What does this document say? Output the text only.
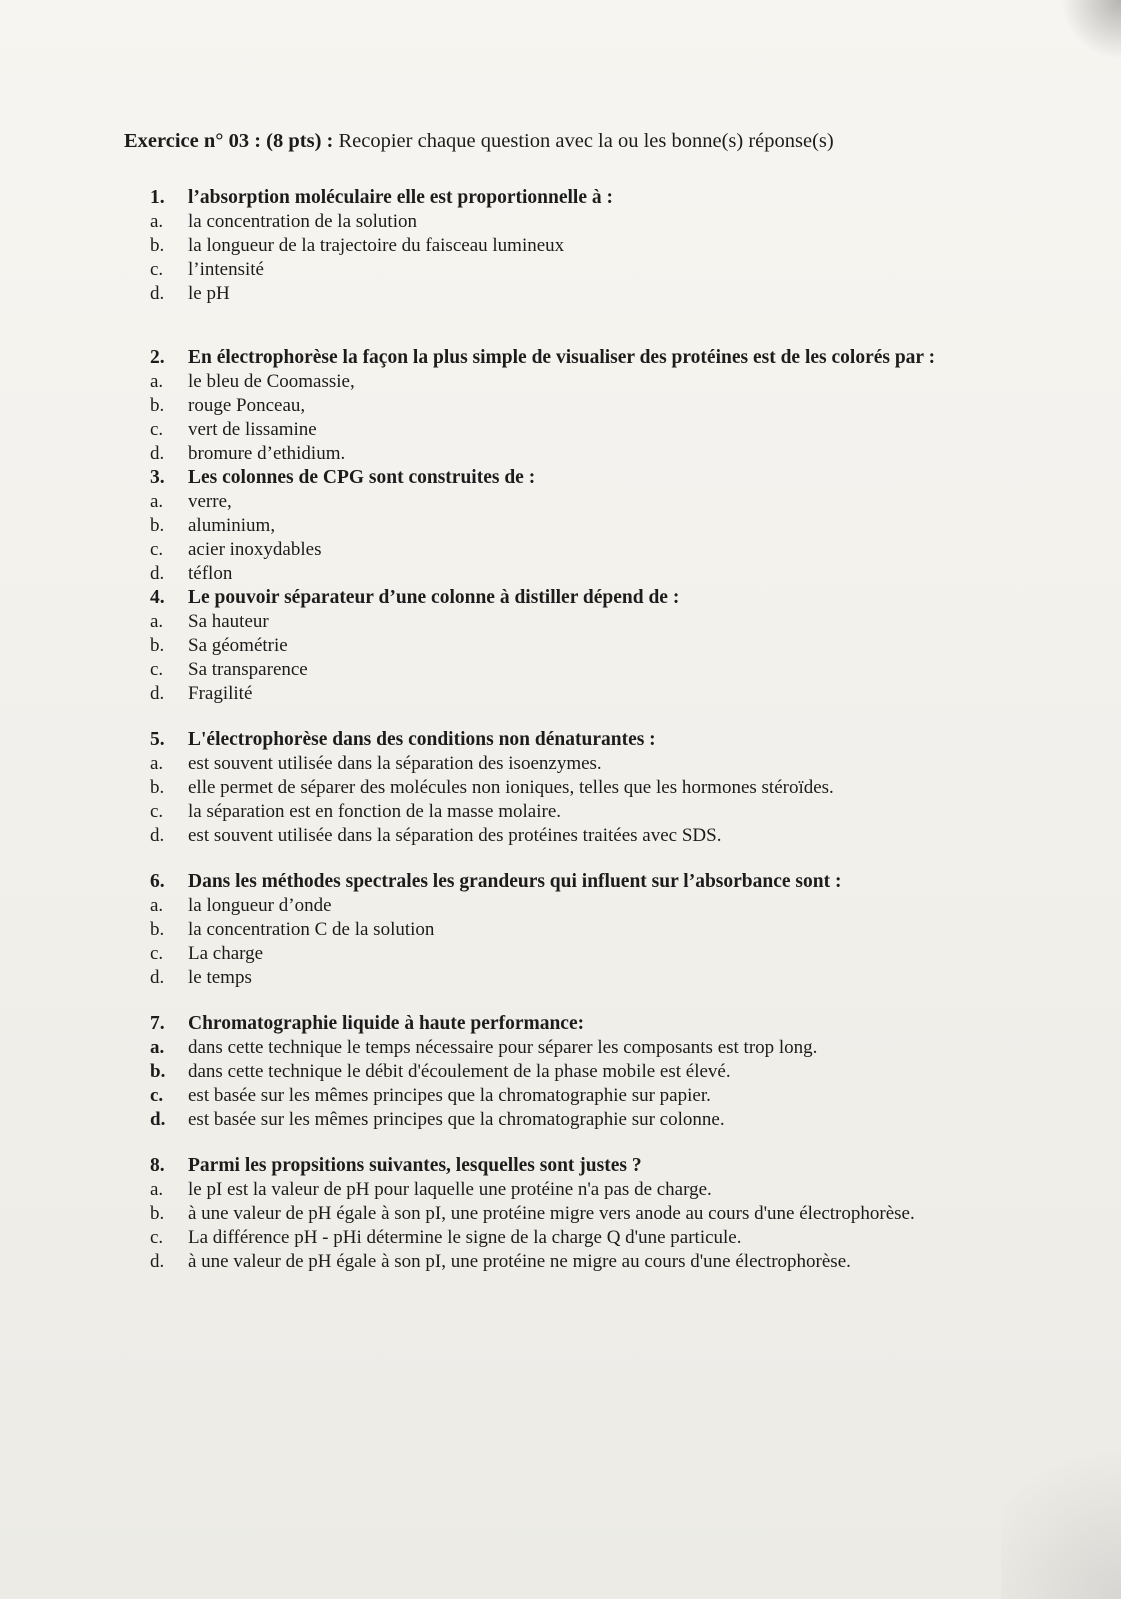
Exercice n° 03 : (8 pts) : Recopier chaque question avec la ou les bonne(s) réponse(s)
1.	l’absorption moléculaire elle est proportionnelle à :
a.	la concentration de la solution
b.	la longueur de la trajectoire du faisceau lumineux
c.	l’intensité
d.	le pH
2.	En électrophorèse la façon la plus simple de visualiser des protéines est de les colorés par :
a.	le bleu de Coomassie,
b.	rouge Ponceau,
c.	vert de lissamine
d.	bromure d’ethidium.
3.	Les colonnes de CPG sont construites de :
a.	verre,
b.	aluminium,
c.	acier inoxydables
d.	téflon
4.	Le pouvoir séparateur d’une colonne à distiller dépend de :
a.	Sa hauteur
b.	Sa géométrie
c.	Sa transparence
d.	Fragilité
5.	L'électrophorèse dans des conditions non dénaturantes :
a.	est souvent utilisée dans la séparation des isoenzymes.
b.	elle permet de séparer des molécules non ioniques, telles que les hormones stéroïdes.
c.	la séparation est en fonction de la masse molaire.
d.	est souvent utilisée dans la séparation des protéines traitées avec SDS.
6.	Dans les méthodes spectrales les grandeurs qui influent sur l’absorbance sont :
a.	la longueur d’onde
b.	la concentration C de la solution
c.	La charge
d.	le temps
7.	Chromatographie liquide à haute performance:
a.	dans cette technique le temps nécessaire pour séparer les composants est trop long.
b.	dans cette technique le débit d'écoulement de la phase mobile est élevé.
c.	est basée sur les mêmes principes que la chromatographie sur papier.
d.	est basée sur les mêmes principes que la chromatographie sur colonne.
8.	Parmi les propsitions suivantes, lesquelles sont justes ?
a.	le pI est la valeur de pH pour laquelle une protéine n'a pas de charge.
b.	à une valeur de pH égale à son pI, une protéine migre vers anode au cours d'une électrophorèse.
c.	La différence pH - pHi détermine le signe de la charge Q d'une particule.
d.	à une valeur de pH égale à son pI, une protéine ne migre au cours d'une électrophorèse.
